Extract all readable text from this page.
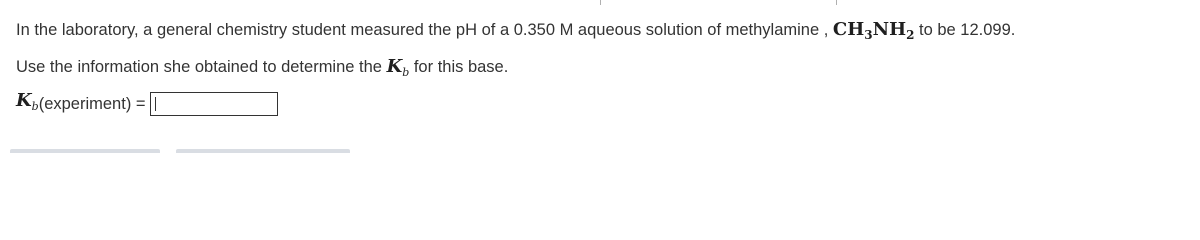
In the laboratory, a general chemistry student measured the pH of a 0.350 M aqueous solution of methylamine , $CH_3NH_2$ to be 12.099.
Use the information she obtained to determine the $K_b$ for this base.
$K_b$ (experiment) =
